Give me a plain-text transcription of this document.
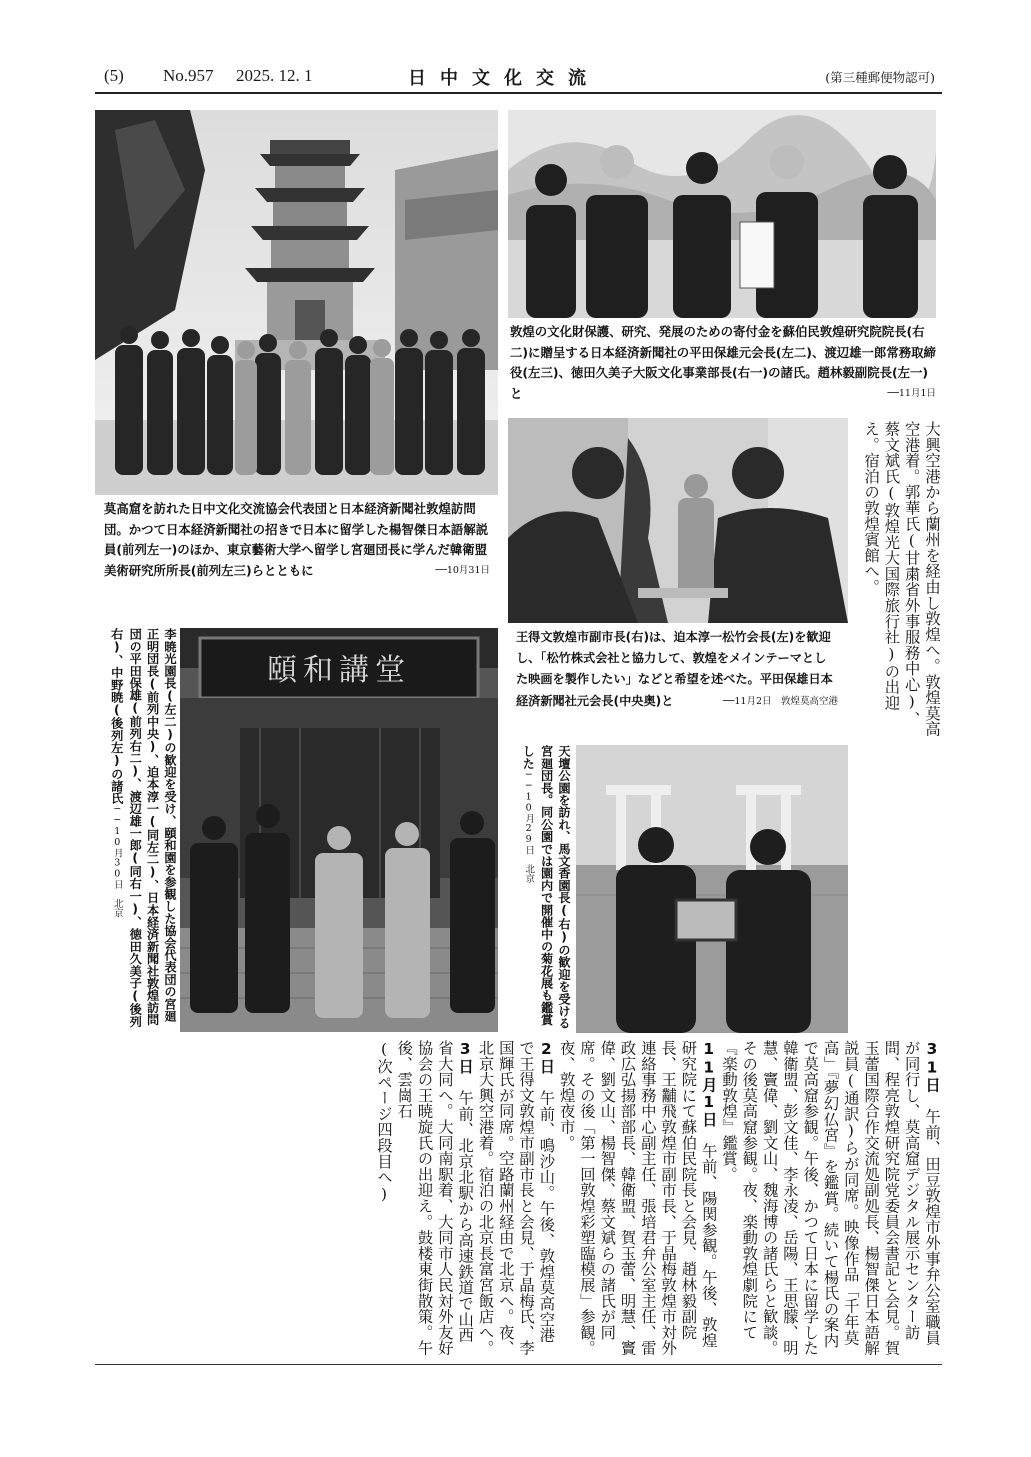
(5) No.957 2025. 12. 1	日中文化交流	(第三種郵便物認可)
莫高窟を訪れた日中文化交流協会代表団と日本経済新聞社敦煌訪問団。かつて日本経済新聞社の招きで日本に留学した楊智傑日本語解説員(前列左一)のほか、東京藝術大学へ留学し宮廻団長に学んだ韓衛盟美術研究所所長(前列左三)らとともに	──10月31日
敦煌の文化財保護、研究、発展のための寄付金を蘇伯民敦煌研究院院長(右二)に贈呈する日本経済新聞社の平田保雄元会長(左二)、渡辺雄一郎常務取締役(左三)、徳田久美子大阪文化事業部長(右一)の諸氏。趙林毅副院長(左一)と	──11月1日
王得文敦煌市副市長(右)は、迫本淳一松竹会長(左)を歓迎し、「松竹株式会社と協力して、敦煌をメインテーマとした映画を製作したい」などと希望を述べた。平田保雄日本経済新聞社元会長(中央奥)と	──11月2日　敦煌莫高空港
頤和講堂
李暁光園長(左二)の歓迎を受け、頤和園を参観した協会代表団の宮廻正明団長(前列中央)、迫本淳一(同左二)、日本経済新聞社敦煌訪問団の平田保雄(前列右二)、渡辺雄一郎(同右一)、徳田久美子(後列右)、中野暁(後列左)の諸氏──10月30日　北京	天壇公園を訪れ、馬文香園長(右)の歓迎を受ける宮廻団長。同公園では園内で開催中の菊花展も鑑賞した──10月29日　北京
大興空港から蘭州を経由し敦煌へ。敦煌莫高空港着。郭華氏(甘粛省外事服務中心)、蔡文斌氏(敦煌光大国際旅行社)の出迎え。宿泊の敦煌賓館へ。
31日　午前、田豆敦煌市外事弁公室職員が同行し、莫高窟デジタル展示センター訪問、程亮敦煌研究院党委員会書記と会見。賀玉蕾国際合作交流処副処長、楊智傑日本語解説員(通訳)らが同席。映像作品「千年莫高」『夢幻仏宮』を鑑賞。続いて楊氏の案内で莫高窟参観。午後、かつて日本に留学した韓衛盟、彭文佳、李永凌、岳陽、王思朦、明慧、竇偉、劉文山、魏海博の諸氏らと歓談。その後莫高窟参観。夜、楽動敦煌劇院にて『楽動敦煌』鑑賞。
11月1日　午前、陽関参観。午後、敦煌研究院にて蘇伯民院長と会見、趙林毅副院長、王黼飛敦煌市副市長、于晶梅敦煌市対外連絡事務中心副主任、張培君弁公室主任、雷政広弘揚部部長、韓衛盟、賀玉蕾、明慧、竇偉、劉文山、楊智傑、蔡文斌らの諸氏が同席。その後「第一回敦煌彩塑臨模展」参観。夜、敦煌夜市。
2日　午前、鳴沙山。午後、敦煌莫高空港で王得文敦煌市副市長と会見、于晶梅氏、李国輝氏が同席。空路蘭州経由で北京へ。夜、北京大興空港着。宿泊の北京長富宮飯店へ。
3日　午前、北京北駅から高速鉄道で山西省大同へ。大同南駅着、大同市人民対外友好協会の王暁旋氏の出迎え。鼓楼東街散策。午後、雲崗石
(次ページ四段目へ)
